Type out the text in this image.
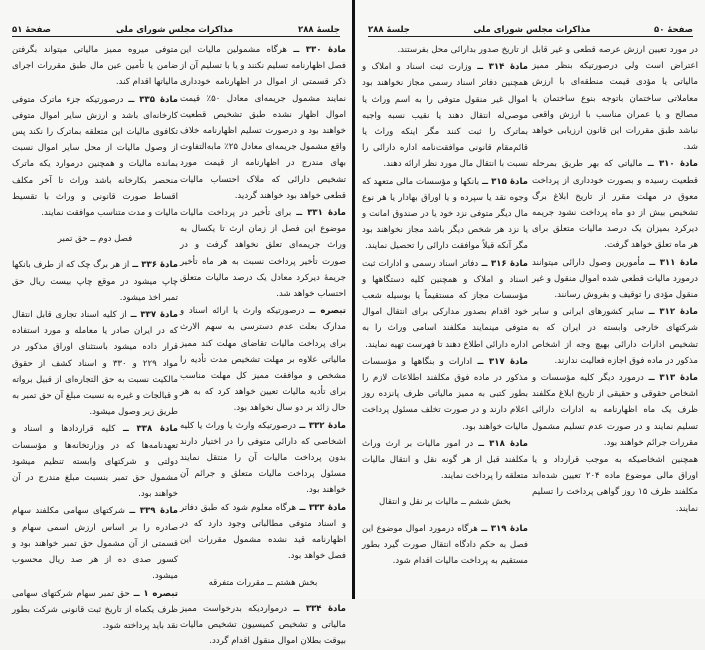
صفحهٔ ۵۱	مذاکرات مجلس شورای ملی	جلسهٔ ۲۸۸

متوفی میروه ممیز مالیاتی میتواند بگرفتن ضامن یا تأمین عین مال طبق مقررات اجرای مالیاتها اقدام کند.

مادهٔ ۳۳۵ ــ درصورتیکه جزء ماترک متوفی کارخانه‌ای باشد و ارزش سایر اموال متوفی تکافوی مالیات این متعلقه بماترک را نکند پس از وصول مالیات از محل سایر اموال نسبت بمانده مالیات و همچنین درموارد یکه ماترک منحصر بکارخانه باشد وراث تا آخر مکلف اقساط صورت قانونی و وراث با تقسیط مالیات و مدت متناسب موافقت نمایند.

فصل دوم ــ حق تمبر

مادهٔ ۳۳۶ ــ از هر برگ چک که از طرف بانکها چاپ میشود در موقع چاپ بیست ریال حق تمبر اخذ میشود.

مادهٔ ۳۳۷ ــ از کلیه اسناد تجاری قابل انتقال که در ایران صادر یا معامله و مورد استفاده قرار داده میشود باستثنای اوراق مذکور در مواد ۲۲۹ و ۳۳۰ و اسناد کشف از حقوق مالکیت نسبت به حق التجاره‌ای از قبیل برواته و قبالجات و غیره به نسبت مبلغ آن حق تمبر به طریق زیر وصول میشود.

مادهٔ ۳۳۸ ــ کلیه قراردادها و اسناد و تعهدنامه‌ها که در وزارتخانه‌ها و مؤسسات دولتی و شرکتهای وابسته تنظیم میشود مشمول حق تمبر بنسبت مبلغ مندرج در آن خواهند بود.

مادهٔ ۳۳۹ ــ شرکتهای سهامی مکلفند سهام صادره را بر اساس ارزش اسمی سهام و قسمتی از آن مشمول حق تمبر خواهند بود و کسور صدی ده از هر صد ریال محسوب میشود.

تبصره ۱ ــ حق تمبر سهام شرکتهای سهامی ظرف یکماه از تاریخ ثبت قانونی شرکت بطور نقد باید پرداخته شود.

مادهٔ ۳۳۰ ــ هرگاه مشمولین مالیات این فصل اظهارنامه تسلیم نکنند و یا با تسلیم آن از ذکر قسمتی از اموال در اظهارنامه خودداری نمایند مشمول جریمه‌ای معادل ۵۰٪ قیمت اموال اظهار نشده طبق تشخیص قطعیت خواهند بود و درصورت تسلیم اظهارنامه خلاف واقع مشمول جریمه‌ای معادل ۲۵٪ مابه‌التفاوت بهای مندرج در اظهارنامه از قیمت مورد تشخیص دارائی که ملاک احتساب مالیات قطعی خواهد بود خواهند گردید.

مادهٔ ۳۳۱ ــ برای تأخیر در پرداخت مالیات موضوع این فصل از زمان ارث تا یکسال به وراث جریمه‌ای تعلق نخواهد گرفت و در صورت تأخیر پرداخت نسبت به هر ماه تأخیر جریمهٔ دیرکرد معادل یک درصد مالیات متعلق احتساب خواهد شد.

تبصره ــ درصورتیکه وارث یا ارائه اسناد و مدارک بعلت عدم دسترسی به سهم الارث برای پرداخت مالیات تقاضای مهلت کند ممیز مالیاتی علاوه بر مهلت تشخیص مدت تأدیه را مشخص و موافقت ممیز کل مهلت مناسب برای تأدیه مالیات تعیین خواهد کرد که به هر حال زائد بر دو سال نخواهد بود.

مادهٔ ۳۳۲ ــ درصورتیکه وارث یا وراث یا کلیه اشخاصی که دارائی متوفی را در اختیار دارند بدون پرداخت مالیات آن را منتقل نمایند مسئول پرداخت مالیات متعلق و جرائم آن خواهند بود.

مادهٔ ۳۳۳ ــ هرگاه معلوم شود که طبق دفاتر و اسناد متوفی مطالباتی وجود دارد که در اظهارنامه قید نشده مشمول مقررات این فصل خواهد بود.

بخش هشتم ــ مقررات متفرقه

مادهٔ ۳۳۴ ــ درمواردیکه بدرخواست ممیز مالیاتی و تشخیص کمیسیون تشخیص مالیات بیوقت بطلان اموال منقول اقدام گردد.

جلسهٔ ۲۸۸	مذاکرات مجلس شورای ملی	صفحهٔ ۵۰

از تاریخ صدور بدارائی محل بفرستند.

مادهٔ ۳۱۴ ــ وزارت ثبت اسناد و املاک و همچنین دفاتر اسناد رسمی مجاز نخواهند بود اموال غیر منقول متوفی را به اسم وراث یا موصی‌له انتقال دهند یا نقیب نسبه واجبه بماترک را ثبت کنند مگر اینکه وراث یا قائم‌مقام قانونی موافقت‌نامه اداره دارائی را نسبت با انتقال مال مورد نظر ارائه دهند.

مادهٔ ۳۱۵ ــ بانکها و مؤسسات مالی متعهد که وجوه نقد یا سپرده و یا اوراق بهادار یا هر نوع مال دیگر متوفی نزد خود یا در صندوق امانت و یا نزد هر شخص دیگر باشد مجاز نخواهند بود مگر آنکه قبلاً موافقت دارائی را تحصیل نمایند.

مادهٔ ۳۱۶ ــ دفاتر اسناد رسمی و ادارات ثبت اسناد و املاک و همچنین کلیه دستگاهها و مؤسسات مجاز که مستقیماً یا بوسیله شعب خود اقدام بصدور مدارکی برای انتقال اموال متوفی مینمایند مکلفند اسامی وراث را به اداره دارائی اطلاع دهند تا فهرست تهیه نمایند.

مادهٔ ۳۱۷ ــ ادارات و بنگاهها و مؤسسات مذکور در ماده فوق مکلفند اطلاعات لازم را بطور کتبی به ممیز مالیاتی ظرف پانزده روز اعلام دارند و در صورت تخلف مسئول پرداخت مالیات خواهند بود.

مادهٔ ۳۱۸ ــ در امور مالیات بر ارث وراث مکلفند قبل از هر گونه نقل و انتقال مالیات متعلقه را پرداخت نمایند.

بخش ششم ــ مالیات بر نقل و انتقال

مادهٔ ۳۱۹ ــ هرگاه درمورد اموال موضوع این فصل به حکم دادگاه انتقال صورت گیرد بطور مستقیم به پرداخت مالیات اقدام شود.

در مورد تعیین ارزش عرصه قطعی و غیر قابل اعتراض است ولی درصورتیکه بنظر ممیز مالیاتی یا مؤدی قیمت منطقه‌ای با ارزش معاملاتی ساختمان باتوجه بنوع ساختمان یا مصالح و یا عمران مناسب با ارزش واقعی نباشد طبق مقررات این قانون ارزیابی خواهد شد.

مادهٔ ۳۱۰ ــ مالیاتی که بهر طریق بمرحله قطعیت رسیده و بصورت خودداری از پرداخت معوق در مهلت مقرر از تاریخ ابلاغ برگ تشخیص بیش از دو ماه پرداخت نشود جریمه دیرکرد بمیزان یک درصد مالیات متعلق برای هر ماه تعلق خواهد گرفت.

مادهٔ ۳۱۱ ــ مأمورین وصول دارائی میتوانند درمورد مالیات قطعی شده اموال منقول و غیر منقول مؤدی را توقیف و بفروش رسانند.

مادهٔ ۳۱۲ ــ سایر کشورهای ایرانی و سایر شرکتهای خارجی وابسته در ایران که به تشخیص ادارات دارائی بهیچ وجه از اشخاص مذکور در ماده فوق اجازه فعالیت ندارند.

مادهٔ ۳۱۳ ــ درمورد دیگر کلیه مؤسسات و اشخاص حقوقی و حقیقی از تاریخ ابلاغ مکلفند ظرف یک ماه اظهارنامه به ادارات دارائی تسلیم نمایند و در صورت عدم تسلیم مشمول مقررات جرائم خواهند بود.

همچنین اشخاصیکه به موجب قرارداد و یا اوراق مالی موضوع ماده ۲۰۴ تعیین شده‌اند مکلفند ظرف ۱۵ روز گواهی پرداخت را تسلیم نمایند.
